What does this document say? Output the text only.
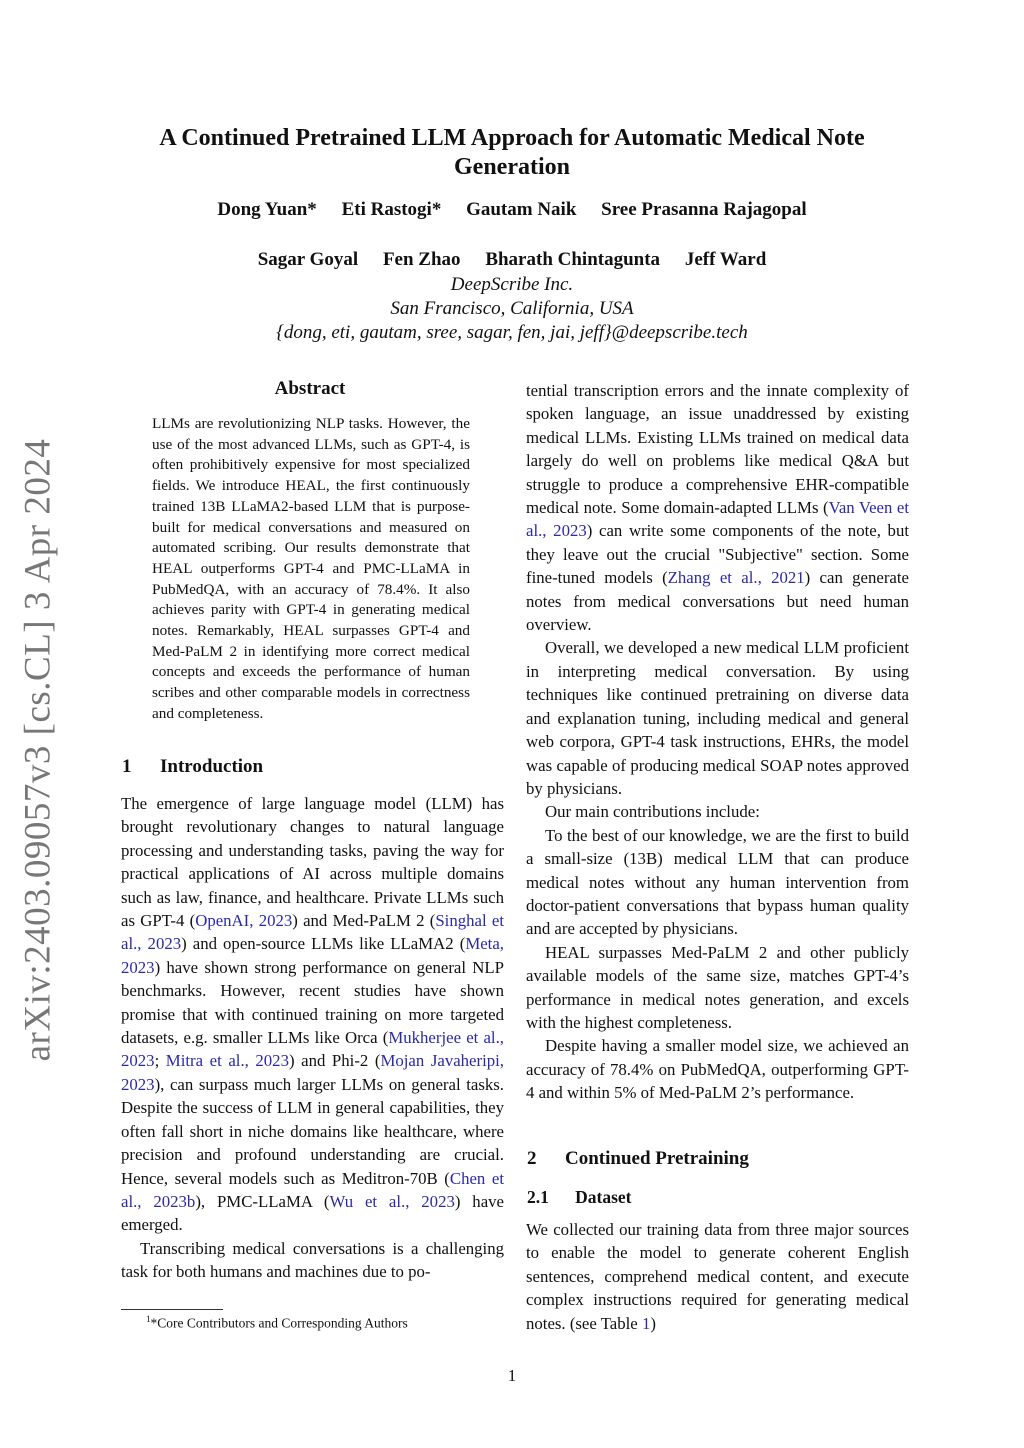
arXiv:2403.09057v3 [cs.CL] 3 Apr 2024
A Continued Pretrained LLM Approach for Automatic Medical Note Generation
Dong Yuan* Eti Rastogi* Gautam Naik Sree Prasanna Rajagopal
Sagar Goyal Fen Zhao Bharath Chintagunta Jeff Ward
DeepScribe Inc.
San Francisco, California, USA
{dong, eti, gautam, sree, sagar, fen, jai, jeff}@deepscribe.tech
Abstract
LLMs are revolutionizing NLP tasks. However, the use of the most advanced LLMs, such as GPT-4, is often prohibitively expensive for most specialized fields. We introduce HEAL, the first continuously trained 13B LLaMA2-based LLM that is purpose-built for medical conversations and measured on automated scribing. Our results demonstrate that HEAL outperforms GPT-4 and PMC-LLaMA in PubMedQA, with an accuracy of 78.4%. It also achieves parity with GPT-4 in generating medical notes. Remarkably, HEAL surpasses GPT-4 and Med-PaLM 2 in identifying more correct medical concepts and exceeds the performance of human scribes and other comparable models in correctness and completeness.
1  Introduction

The emergence of large language model (LLM) has brought revolutionary changes to natural language processing and understanding tasks, paving the way for practical applications of AI across multiple domains such as law, finance, and healthcare. Private LLMs such as GPT-4 (OpenAI, 2023) and Med-PaLM 2 (Singhal et al., 2023) and open-source LLMs like LLaMA2 (Meta, 2023) have shown strong performance on general NLP benchmarks. However, recent studies have shown promise that with continued training on more targeted datasets, e.g. smaller LLMs like Orca (Mukherjee et al., 2023; Mitra et al., 2023) and Phi-2 (Mojan Javaheripi, 2023), can surpass much larger LLMs on general tasks. Despite the success of LLM in general capabilities, they often fall short in niche domains like healthcare, where precision and profound understanding are crucial. Hence, several models such as Meditron-70B (Chen et al., 2023b), PMC-LLaMA (Wu et al., 2023) have emerged.

Transcribing medical conversations is a challenging task for both humans and machines due to po-

$^1$*Core Contributors and Corresponding Authors

tential transcription errors and the innate complexity of spoken language, an issue unaddressed by existing medical LLMs. Existing LLMs trained on medical data largely do well on problems like medical Q&A but struggle to produce a comprehensive EHR-compatible medical note. Some domain-adapted LLMs (Van Veen et al., 2023) can write some components of the note, but they leave out the crucial "Subjective" section. Some fine-tuned models (Zhang et al., 2021) can generate notes from medical conversations but need human overview.

Overall, we developed a new medical LLM proficient in interpreting medical conversation. By using techniques like continued pretraining on diverse data and explanation tuning, including medical and general web corpora, GPT-4 task instructions, EHRs, the model was capable of producing medical SOAP notes approved by physicians.

Our main contributions include:

To the best of our knowledge, we are the first to build a small-size (13B) medical LLM that can produce medical notes without any human intervention from doctor-patient conversations that bypass human quality and are accepted by physicians.

HEAL surpasses Med-PaLM 2 and other publicly available models of the same size, matches GPT-4’s performance in medical notes generation, and excels with the highest completeness.

Despite having a smaller model size, we achieved an accuracy of 78.4% on PubMedQA, outperforming GPT-4 and within 5% of Med-PaLM 2’s performance.

2  Continued Pretraining
2.1  Dataset

We collected our training data from three major sources to enable the model to generate coherent English sentences, comprehend medical content, and execute complex instructions required for generating medical notes. (see Table 1)

1
